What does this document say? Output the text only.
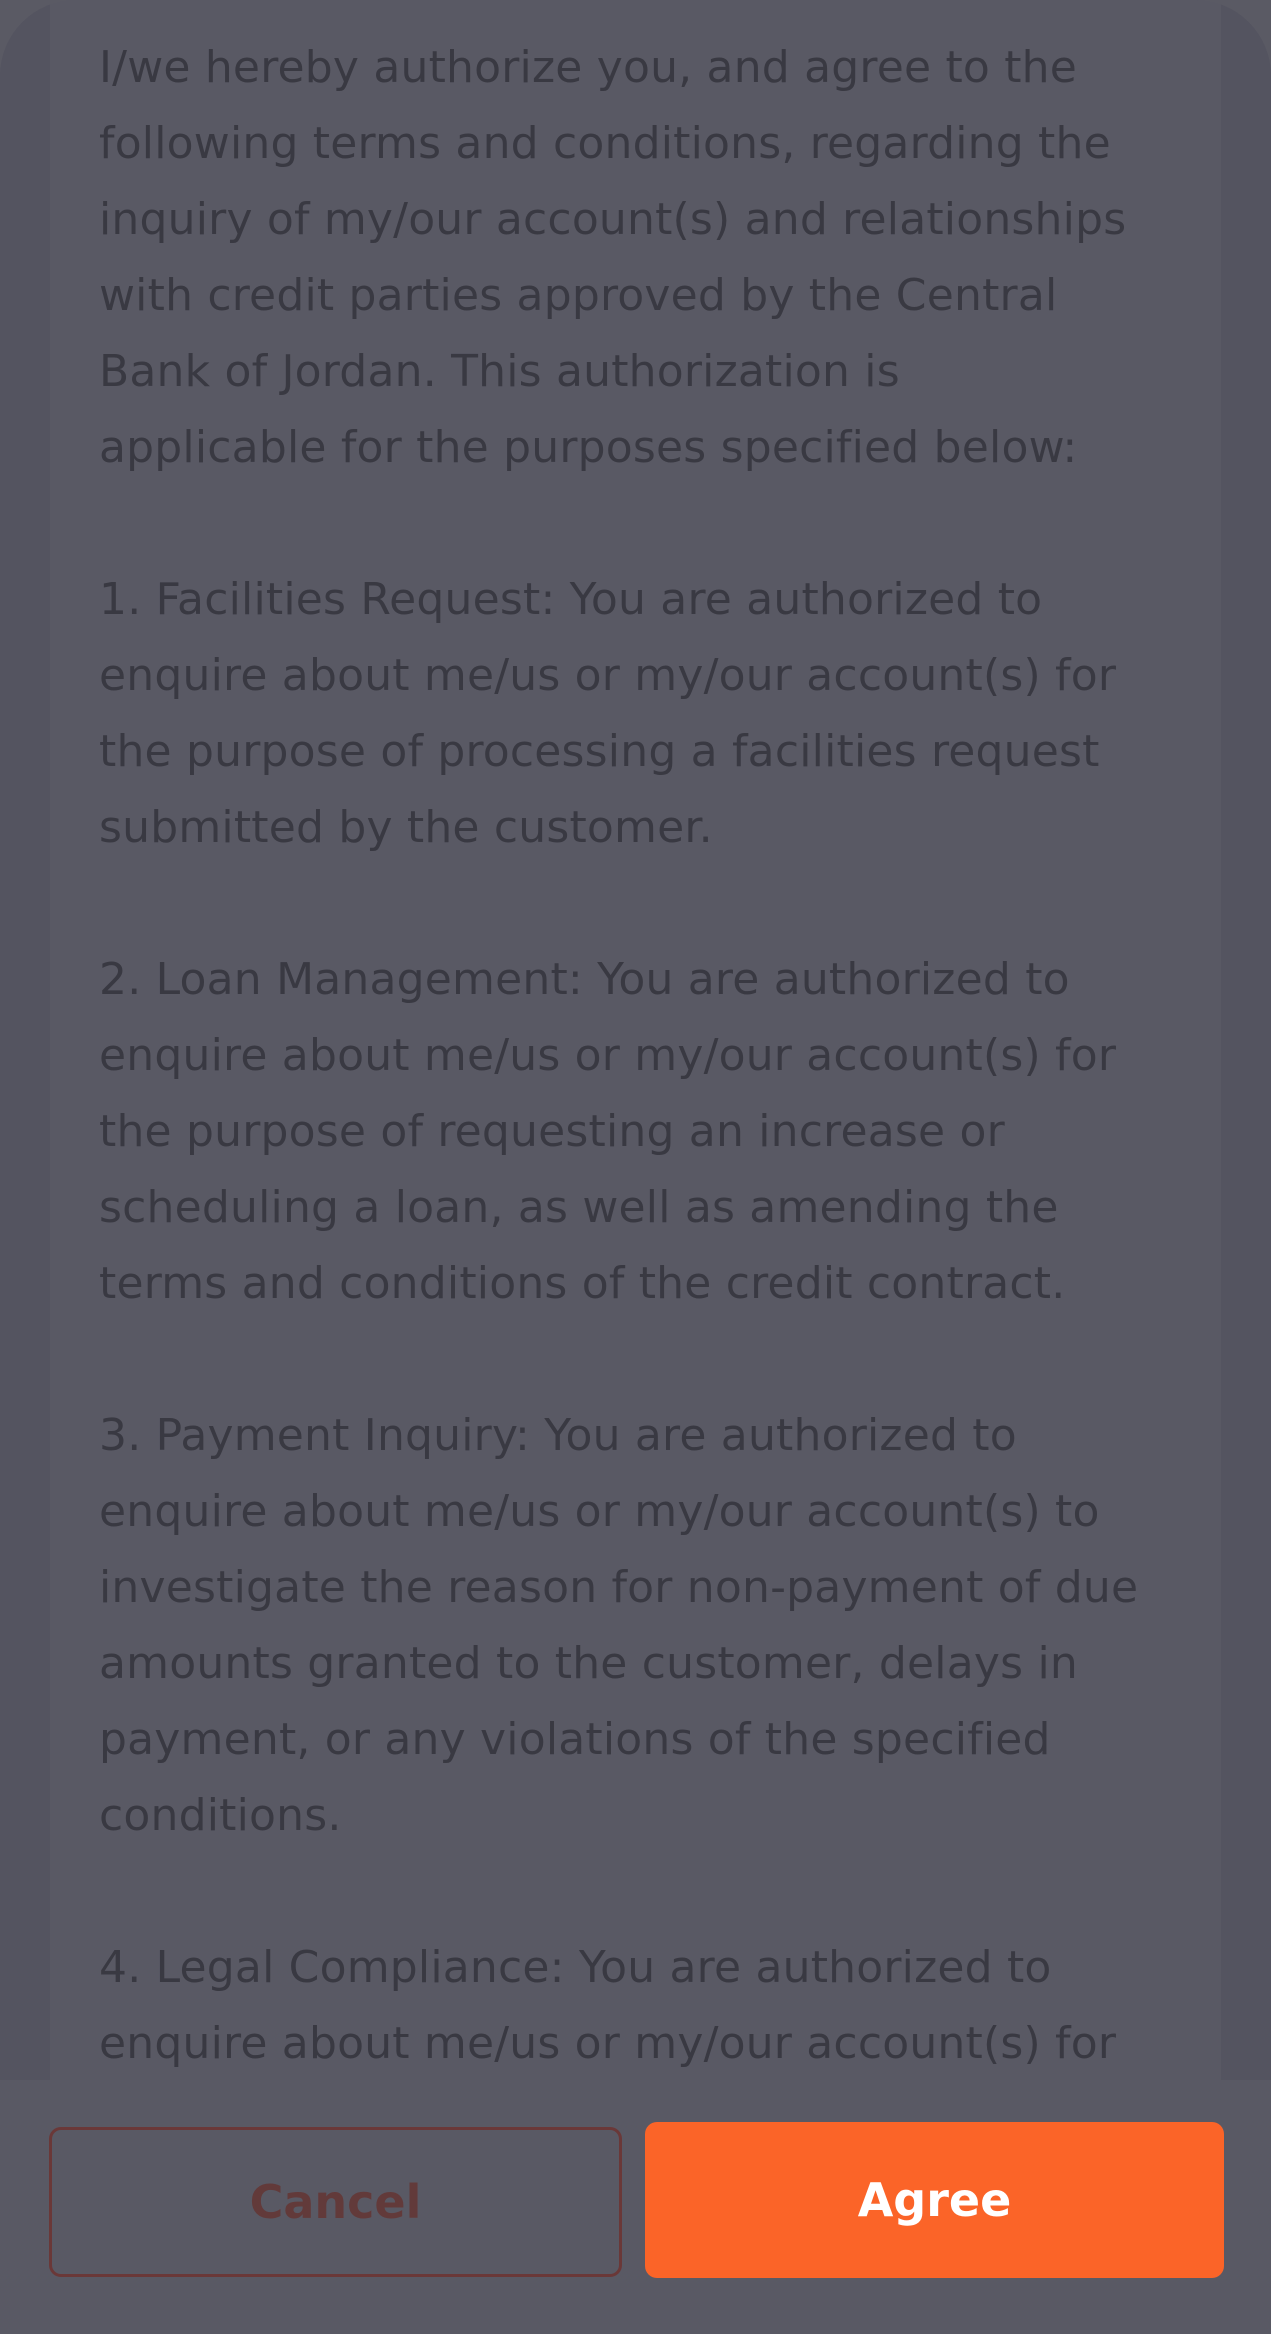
I/we hereby authorize you, and agree to the
following terms and conditions, regarding the
inquiry of my/our account(s) and relationships
with credit parties approved by the Central
Bank of Jordan. This authorization is
applicable for the purposes specified below:

1. Facilities Request: You are authorized to
enquire about me/us or my/our account(s) for
the purpose of processing a facilities request
submitted by the customer.

2. Loan Management: You are authorized to
enquire about me/us or my/our account(s) for
the purpose of requesting an increase or
scheduling a loan, as well as amending the
terms and conditions of the credit contract.

3. Payment Inquiry: You are authorized to
enquire about me/us or my/our account(s) to
investigate the reason for non-payment of due
amounts granted to the customer, delays in
payment, or any violations of the specified
conditions.

4. Legal Compliance: You are authorized to
enquire about me/us or my/our account(s) for

Cancel	Agree
